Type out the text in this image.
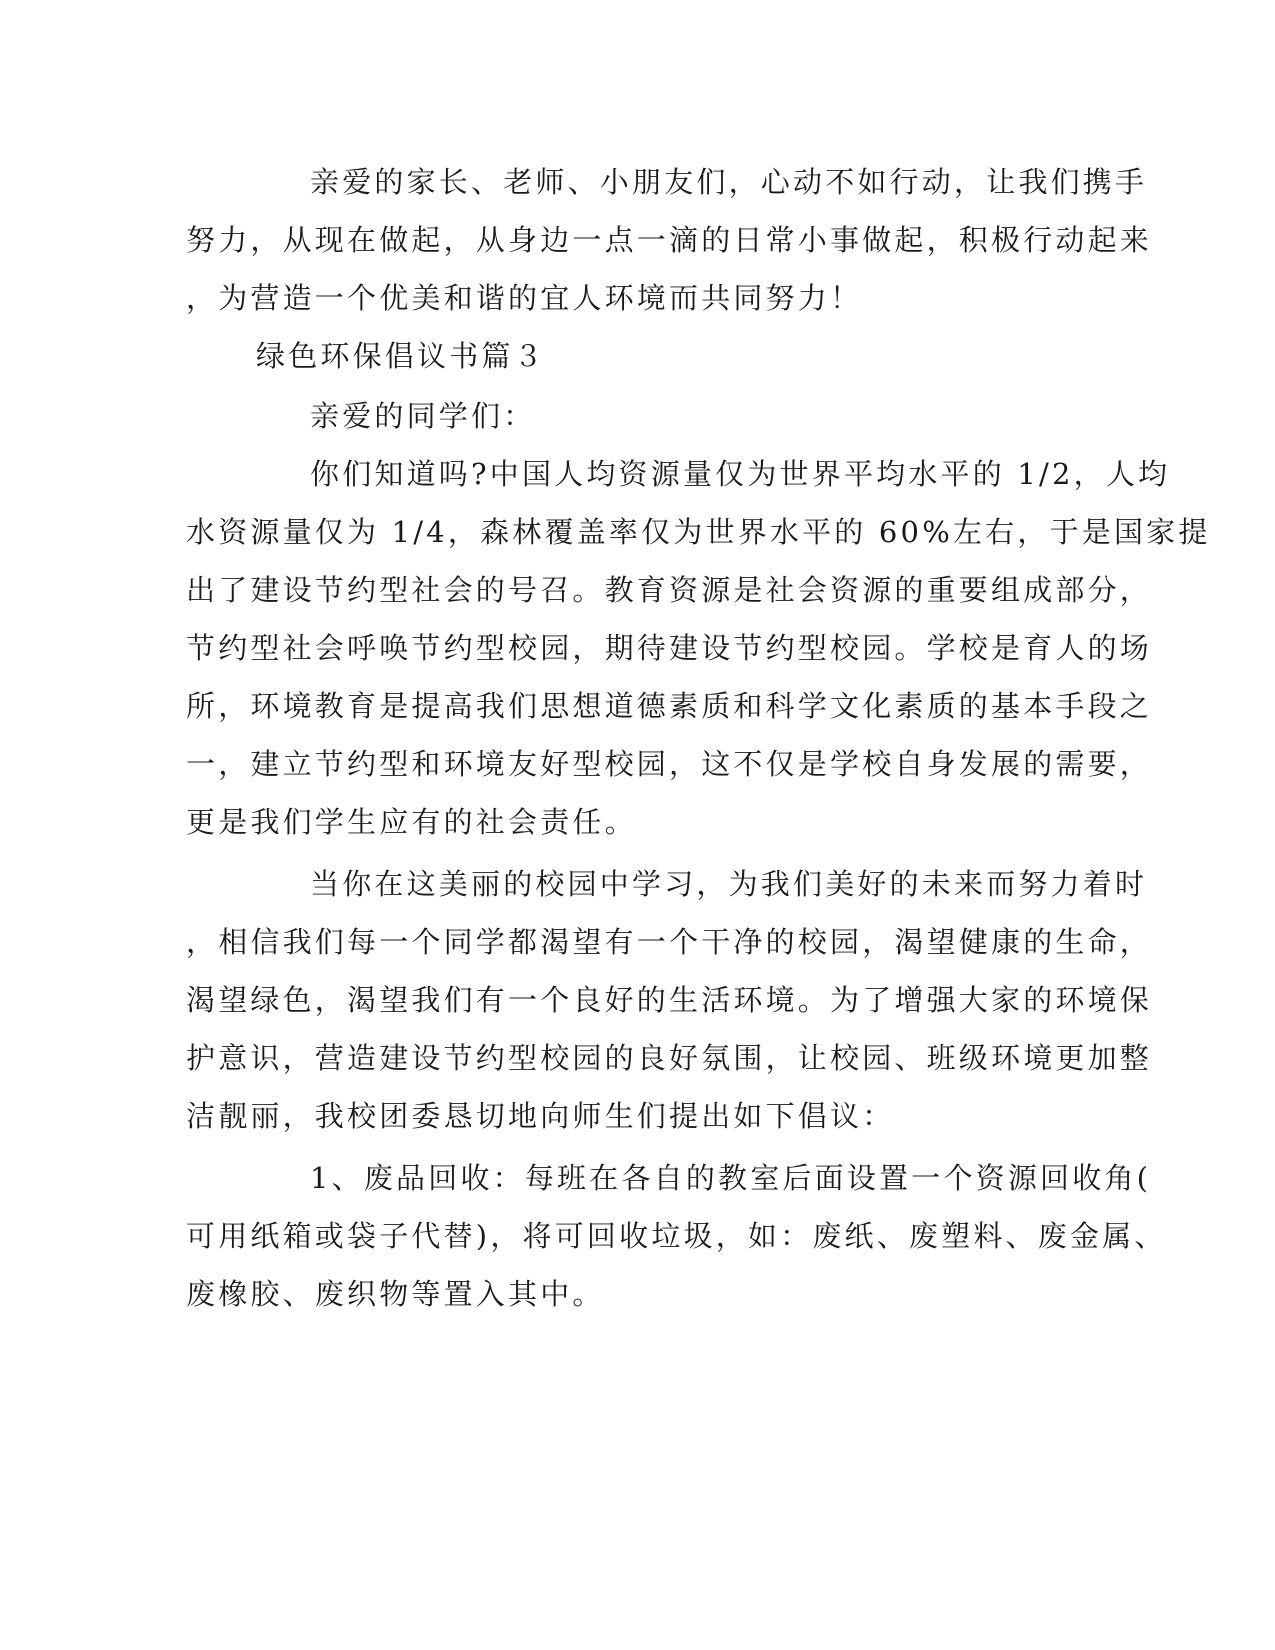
亲爱的家长、老师、小朋友们，心动不如行动，让我们携手
努力，从现在做起，从身边一点一滴的日常小事做起，积极行动起来
，为营造一个优美和谐的宜人环境而共同努力！
绿色环保倡议书篇３
亲爱的同学们：
你们知道吗?中国人均资源量仅为世界平均水平的 1/2，人均
水资源量仅为 1/4，森林覆盖率仅为世界水平的 60%左右，于是国家提
出了建设节约型社会的号召。教育资源是社会资源的重要组成部分，
节约型社会呼唤节约型校园，期待建设节约型校园。学校是育人的场
所，环境教育是提高我们思想道德素质和科学文化素质的基本手段之
一，建立节约型和环境友好型校园，这不仅是学校自身发展的需要，
更是我们学生应有的社会责任。
当你在这美丽的校园中学习，为我们美好的未来而努力着时
，相信我们每一个同学都渴望有一个干净的校园，渴望健康的生命，
渴望绿色，渴望我们有一个良好的生活环境。为了增强大家的环境保
护意识，营造建设节约型校园的良好氛围，让校园、班级环境更加整
洁靓丽，我校团委恳切地向师生们提出如下倡议：
1、废品回收：每班在各自的教室后面设置一个资源回收角(
可用纸箱或袋子代替)，将可回收垃圾，如：废纸、废塑料、废金属、
废橡胶、废织物等置入其中。
